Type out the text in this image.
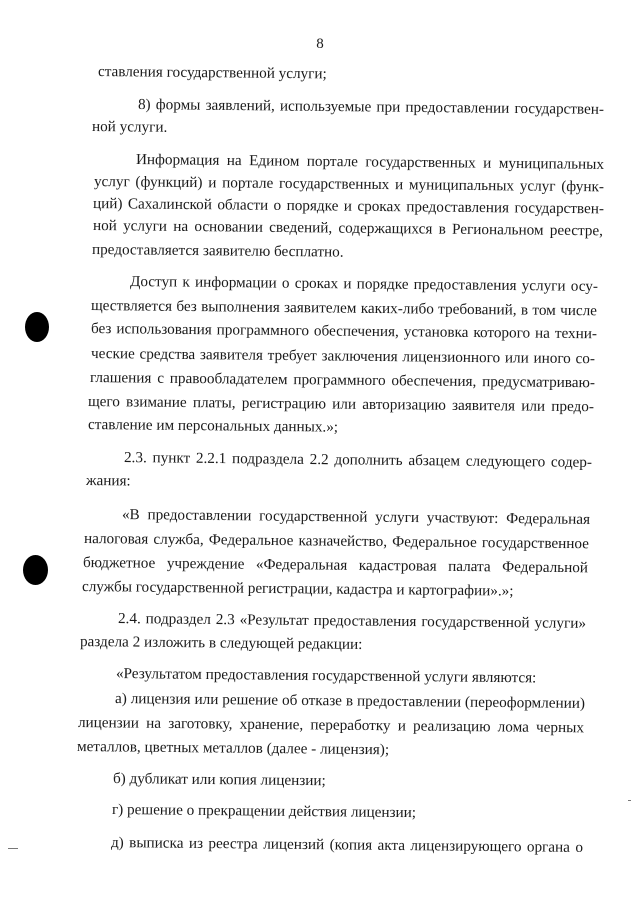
8
ставления государственной услуги;
8) формы заявлений, используемые при предоставлении государствен-
ной услуги.
Информация на Едином портале государственных и муниципальных
услуг (функций) и портале государственных и муниципальных услуг (функ-
ций) Сахалинской области о порядке и сроках предоставления государствен-
ной услуги на основании сведений, содержащихся в Региональном реестре,
предоставляется заявителю бесплатно.
Доступ к информации о сроках и порядке предоставления услуги осу-
ществляется без выполнения заявителем каких-либо требований, в том числе
без использования программного обеспечения, установка которого на техни-
ческие средства заявителя требует заключения лицензионного или иного со-
глашения с правообладателем программного обеспечения, предусматриваю-
щего взимание платы, регистрацию или авторизацию заявителя или предо-
ставление им персональных данных.»;
2.3. пункт 2.2.1 подраздела 2.2 дополнить абзацем следующего содер-
жания:
«В предоставлении государственной услуги участвуют: Федеральная
налоговая служба, Федеральное казначейство, Федеральное государственное
бюджетное учреждение «Федеральная кадастровая палата Федеральной
службы государственной регистрации, кадастра и картографии».»;
2.4. подраздел 2.3 «Результат предоставления государственной услуги»
раздела 2 изложить в следующей редакции:
«Результатом предоставления государственной услуги являются:
а) лицензия или решение об отказе в предоставлении (переоформлении)
лицензии на заготовку, хранение, переработку и реализацию лома черных
металлов, цветных металлов (далее - лицензия);
б) дубликат или копия лицензии;
г) решение о прекращении действия лицензии;
д) выписка из реестра лицензий (копия акта лицензирующего органа о
